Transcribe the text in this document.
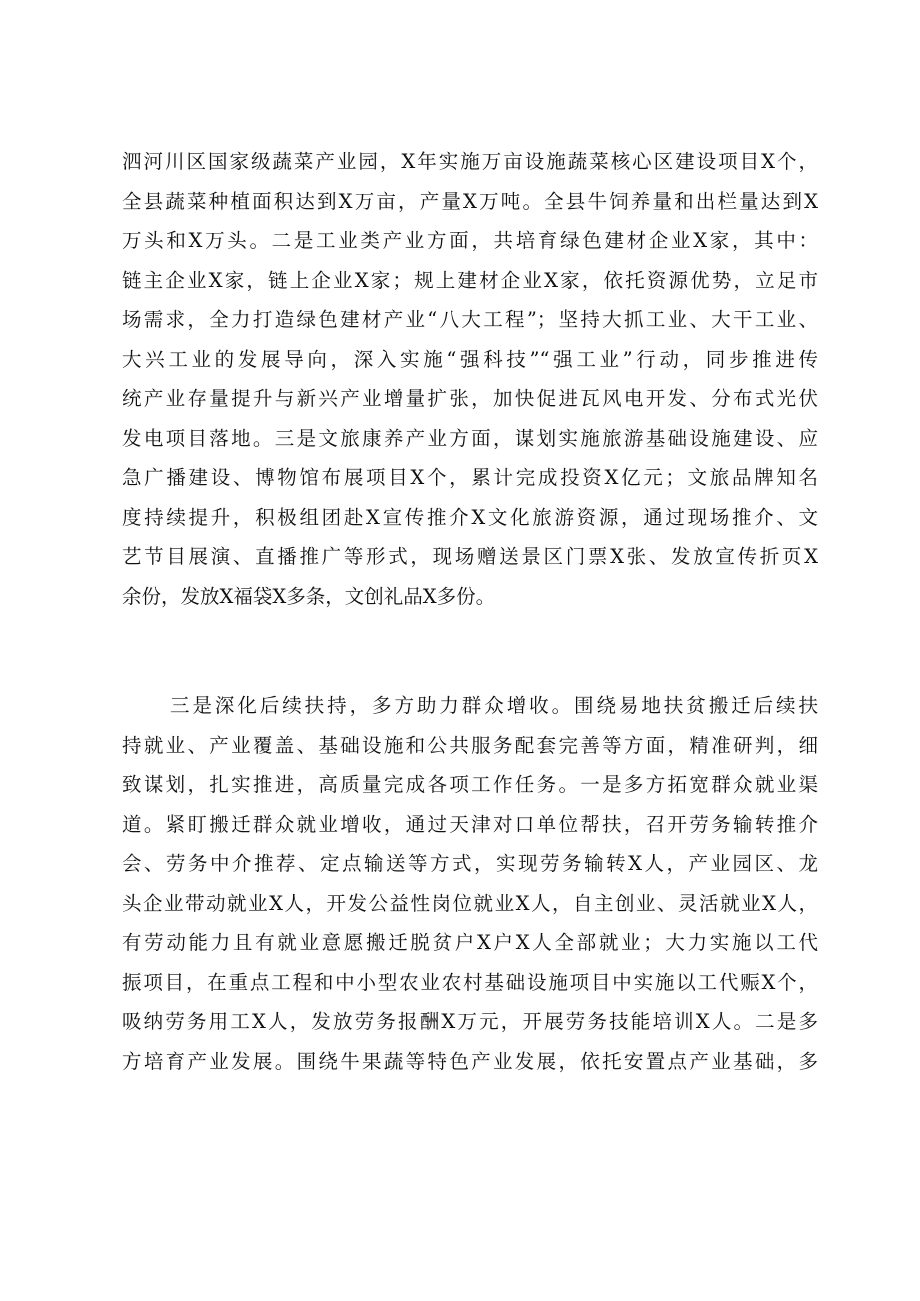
泗河川区国家级蔬菜产业园，X年实施万亩设施蔬菜核心区建设项目X个，
全县蔬菜种植面积达到X万亩，产量X万吨。全县牛饲养量和出栏量达到X
万头和X万头。二是工业类产业方面，共培育绿色建材企业X家，其中：
链主企业X家，链上企业X家；规上建材企业X家，依托资源优势，立足市
场需求，全力打造绿色建材产业“八大工程”；坚持大抓工业、大干工业、
大兴工业的发展导向，深入实施“强科技”“强工业”行动，同步推进传
统产业存量提升与新兴产业增量扩张，加快促进瓦风电开发、分布式光伏
发电项目落地。三是文旅康养产业方面，谋划实施旅游基础设施建设、应
急广播建设、博物馆布展项目X个，累计完成投资X亿元；文旅品牌知名
度持续提升，积极组团赴X宣传推介X文化旅游资源，通过现场推介、文
艺节目展演、直播推广等形式，现场赠送景区门票X张、发放宣传折页X
余份，发放X福袋X多条，文创礼品X多份。
三是深化后续扶持，多方助力群众增收。围绕易地扶贫搬迁后续扶
持就业、产业覆盖、基础设施和公共服务配套完善等方面，精准研判，细
致谋划，扎实推进，高质量完成各项工作任务。一是多方拓宽群众就业渠
道。紧盯搬迁群众就业增收，通过天津对口单位帮扶，召开劳务输转推介
会、劳务中介推荐、定点输送等方式，实现劳务输转X人，产业园区、龙
头企业带动就业X人，开发公益性岗位就业X人，自主创业、灵活就业X人，
有劳动能力且有就业意愿搬迁脱贫户X户X人全部就业；大力实施以工代
振项目，在重点工程和中小型农业农村基础设施项目中实施以工代赈X个，
吸纳劳务用工X人，发放劳务报酬X万元，开展劳务技能培训X人。二是多
方培育产业发展。围绕牛果蔬等特色产业发展，依托安置点产业基础，多
